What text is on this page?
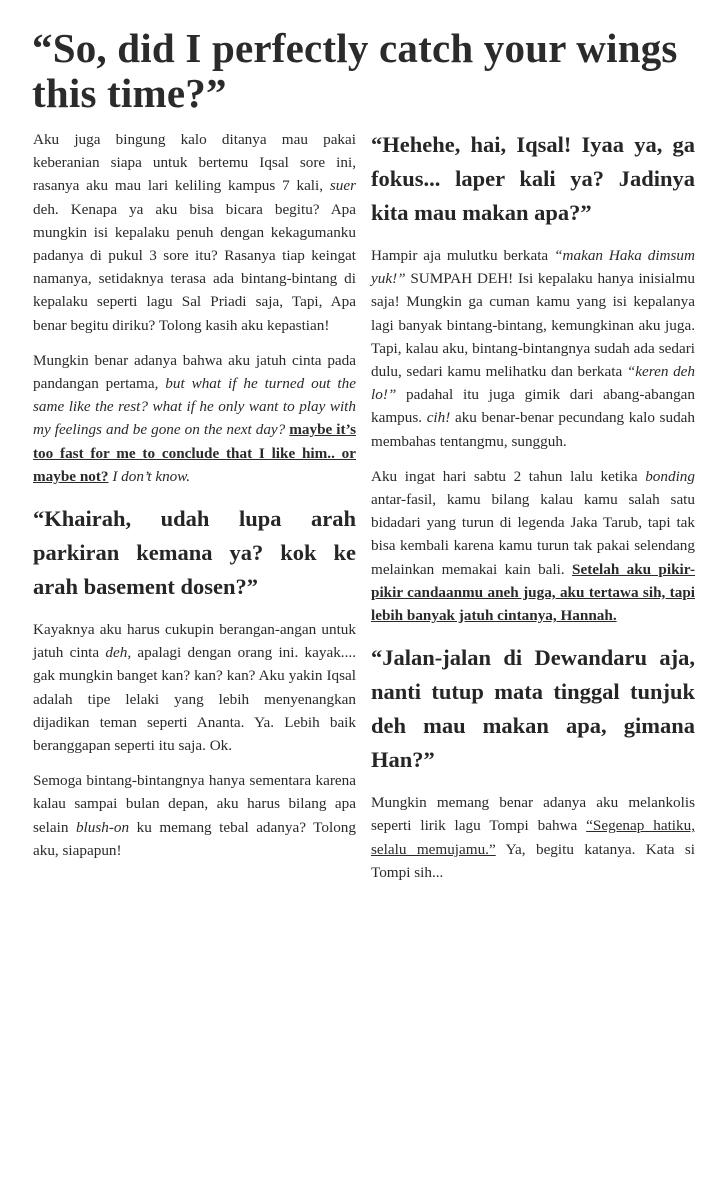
“So, did I perfectly catch your wings this time?”

Aku juga bingung kalo ditanya mau pakai keberanian siapa untuk bertemu Iqsal sore ini, rasanya aku mau lari keliling kampus 7 kali, suer deh. Kenapa ya aku bisa bicara begitu? Apa mungkin isi kepalaku penuh dengan kekagumanku padanya di pukul 3 sore itu? Rasanya tiap keingat namanya, setidaknya terasa ada bintang-bintang di kepalaku seperti lagu Sal Priadi saja, Tapi, Apa benar begitu diriku? Tolong kasih aku kepastian!

Mungkin benar adanya bahwa aku jatuh cinta pada pandangan pertama, but what if he turned out the same like the rest? what if he only want to play with my feelings and be gone on the next day? maybe it’s too fast for me to conclude that I like him.. or maybe not? I don’t know.

“Khairah, udah lupa arah parkiran kemana ya? kok ke arah basement dosen?”

Kayaknya aku harus cukupin berangan-angan untuk jatuh cinta deh, apalagi dengan orang ini. kayak.... gak mungkin banget kan? kan? kan? Aku yakin Iqsal adalah tipe lelaki yang lebih menyenangkan dijadikan teman seperti Ananta. Ya. Lebih baik beranggapan seperti itu saja. Ok.

Semoga bintang-bintangnya hanya sementara karena kalau sampai bulan depan, aku harus bilang apa selain blush-on ku memang tebal adanya? Tolong aku, siapapun!

“Hehehe, hai, Iqsal! Iyaa ya, ga fokus... laper kali ya? Jadinya kita mau makan apa?”

Hampir aja mulutku berkata “makan Haka dimsum yuk!” SUMPAH DEH! Isi kepalaku hanya inisialmu saja! Mungkin ga cuman kamu yang isi kepalanya lagi banyak bintang-bintang, kemungkinan aku juga. Tapi, kalau aku, bintang-bintangnya sudah ada sedari dulu, sedari kamu melihatku dan berkata “keren deh lo!” padahal itu juga gimik dari abang-abangan kampus. cih! aku benar-benar pecundang kalo sudah membahas tentangmu, sungguh.

Aku ingat hari sabtu 2 tahun lalu ketika bonding antar-fasil, kamu bilang kalau kamu salah satu bidadari yang turun di legenda Jaka Tarub, tapi tak bisa kembali karena kamu turun tak pakai selendang melainkan memakai kain bali. Setelah aku pikir-pikir candaanmu aneh juga, aku tertawa sih, tapi lebih banyak jatuh cintanya, Hannah.

“Jalan-jalan di Dewandaru aja, nanti tutup mata tinggal tunjuk deh mau makan apa, gimana Han?”

Mungkin memang benar adanya aku melankolis seperti lirik lagu Tompi bahwa “Segenap hatiku, selalu memujamu.” Ya, begitu katanya. Kata si Tompi sih...
